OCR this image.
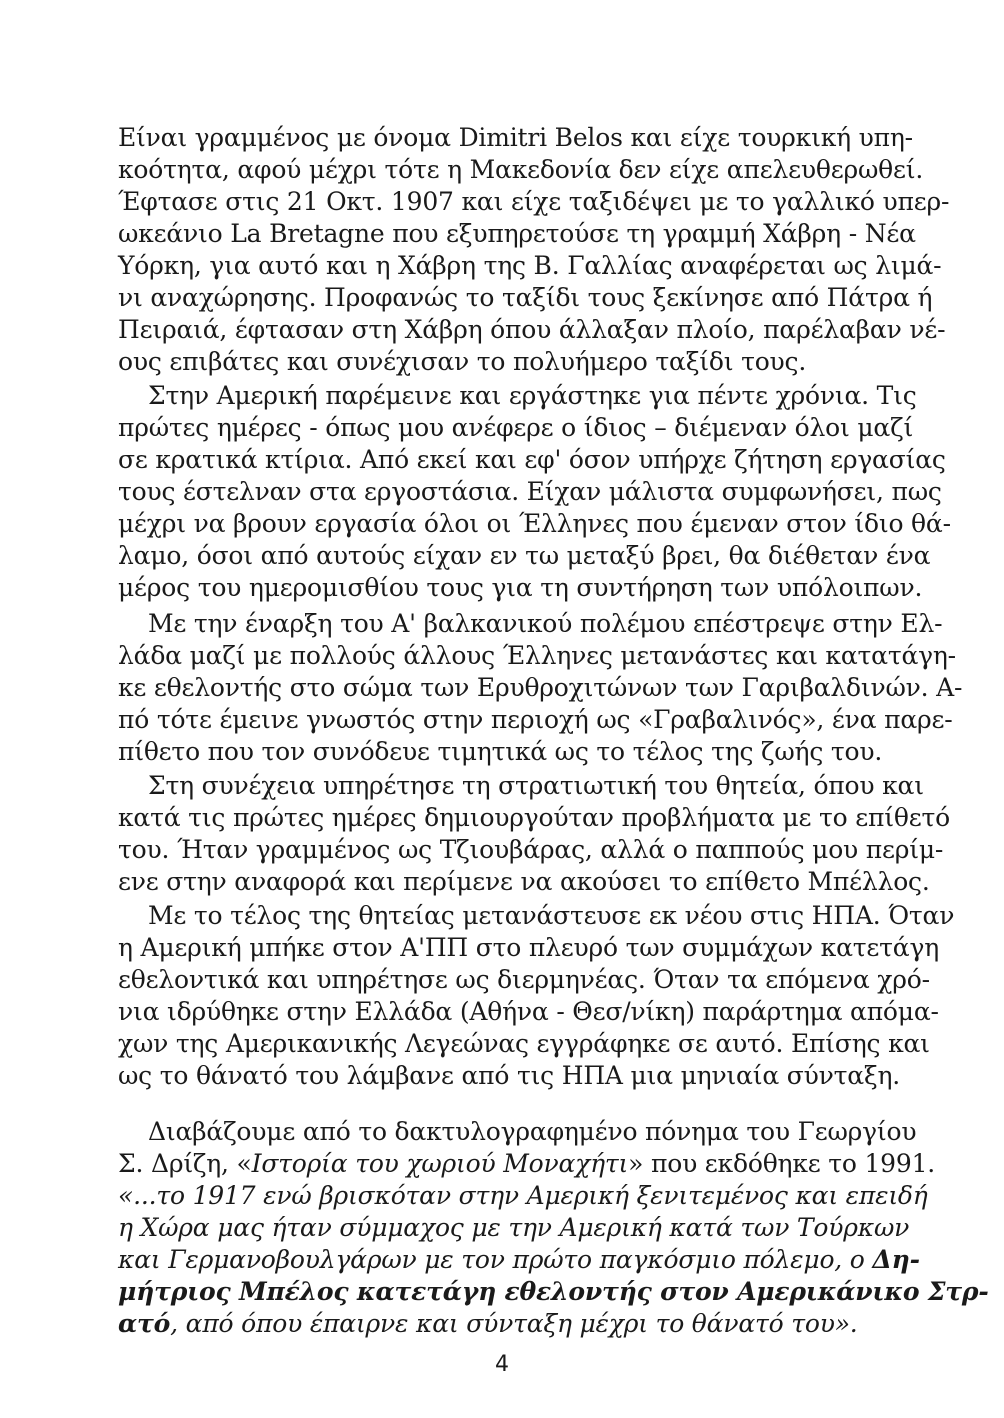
Είναι γραμμένος με όνομα Dimitri Belos και είχε τουρκική υπη-
κοότητα, αφού μέχρι τότε η Μακεδονία δεν είχε απελευθερωθεί.
Έφτασε στις 21 Οκτ. 1907 και είχε ταξιδέψει με το γαλλικό υπερ-
ωκεάνιο La Bretagne που εξυπηρετούσε τη γραμμή Χάβρη - Νέα
Υόρκη, για αυτό και η Χάβρη της Β. Γαλλίας αναφέρεται ως λιμά-
νι αναχώρησης. Προφανώς το ταξίδι τους ξεκίνησε από Πάτρα ή
Πειραιά, έφτασαν στη Χάβρη όπου άλλαξαν πλοίο, παρέλαβαν νέ-
ους επιβάτες και συνέχισαν το πολυήμερο ταξίδι τους.
Στην Αμερική παρέμεινε και εργάστηκε για πέντε χρόνια. Τις
πρώτες ημέρες - όπως μου ανέφερε ο ίδιος – διέμεναν όλοι μαζί
σε κρατικά κτίρια. Από εκεί και εφ' όσον υπήρχε ζήτηση εργασίας
τους έστελναν στα εργοστάσια. Είχαν μάλιστα συμφωνήσει, πως
μέχρι να βρουν εργασία όλοι οι Έλληνες που έμεναν στον ίδιο θά-
λαμο, όσοι από αυτούς είχαν εν τω μεταξύ βρει, θα διέθεταν ένα
μέρος του ημερομισθίου τους για τη συντήρηση των υπόλοιπων.
Με την έναρξη του Α' βαλκανικού πολέμου επέστρεψε στην Ελ-
λάδα μαζί με πολλούς άλλους Έλληνες μετανάστες και κατατάγη-
κε εθελοντής στο σώμα των Ερυθροχιτώνων των Γαριβαλδινών. Α-
πό τότε έμεινε γνωστός στην περιοχή ως «Γραβαλινός», ένα παρε-
πίθετο που τον συνόδευε τιμητικά ως το τέλος της ζωής του.
Στη συνέχεια υπηρέτησε τη στρατιωτική του θητεία, όπου και
κατά τις πρώτες ημέρες δημιουργούταν προβλήματα με το επίθετό
του. Ήταν γραμμένος ως Τζιουβάρας, αλλά ο παππούς μου περίμ-
ενε στην αναφορά και περίμενε να ακούσει το επίθετο Μπέλλος.
Με το τέλος της θητείας μετανάστευσε εκ νέου στις ΗΠΑ. Όταν
η Αμερική μπήκε στον Α'ΠΠ στο πλευρό των συμμάχων κατετάγη
εθελοντικά και υπηρέτησε ως διερμηνέας. Όταν τα επόμενα χρό-
νια ιδρύθηκε στην Ελλάδα (Αθήνα - Θεσ/νίκη) παράρτημα απόμα-
χων της Αμερικανικής Λεγεώνας εγγράφηκε σε αυτό. Επίσης και
ως το θάνατό του λάμβανε από τις ΗΠΑ μια μηνιαία σύνταξη.
Διαβάζουμε από το δακτυλογραφημένο πόνημα του Γεωργίου
Σ. Δρίζη, «Ιστορία του χωριού Μοναχήτι» που εκδόθηκε το 1991.
«...το 1917 ενώ βρισκόταν στην Αμερική ξενιτεμένος και επειδή
η Χώρα μας ήταν σύμμαχος με την Αμερική κατά των Τούρκων
και Γερμανοβουλγάρων με τον πρώτο παγκόσμιο πόλεμο, ο Δη-
μήτριος Μπέλος κατετάγη εθελοντής στον Αμερικάνικο Στρ-
ατό, από όπου έπαιρνε και σύνταξη μέχρι το θάνατό του».
4
